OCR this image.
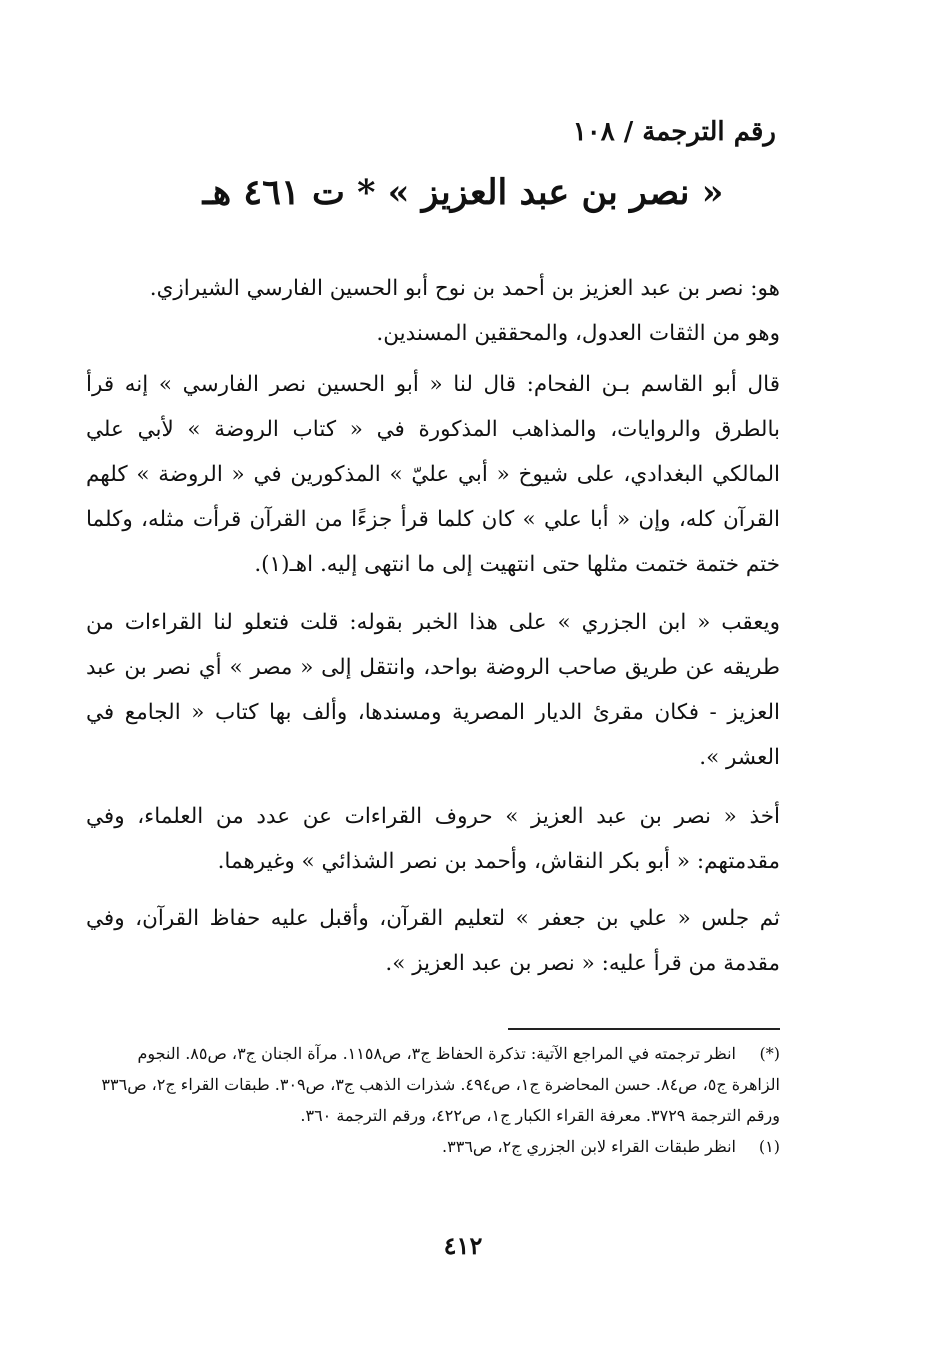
رقم الترجمة / ١٠٨
« نصر بن عبد العزيز » * ت ٤٦١ هـ
هو: نصر بن عبد العزيز بن أحمد بن نوح أبو الحسين الفارسي الشيرازي.
وهو من الثقات العدول، والمحققين المسندين.
قال أبو القاسم بـن الفحام: قال لنا « أبو الحسين نصر الفارسي » إنه قرأ بالطرق والروايات، والمذاهب المذكورة في « كتاب الروضة » لأبي علي المالكي البغدادي، على شيوخ « أبي عليّ » المذكورين في « الروضة » كلهم القرآن كله، وإن « أبا علي » كان كلما قرأ جزءًا من القرآن قرأت مثله، وكلما ختم ختمة ختمت مثلها حتى انتهيت إلى ما انتهى إليه. اهـ(١).
ويعقب « ابن الجزري » على هذا الخبر بقوله: قلت فتعلو لنا القراءات من طريقه عن طريق صاحب الروضة بواحد، وانتقل إلى « مصر » أي نصر بن عبد العزيز - فكان مقرئ الديار المصرية ومسندها، وألف بها كتاب « الجامع في العشر ».
أخذ « نصر بن عبد العزيز » حروف القراءات عن عدد من العلماء، وفي مقدمتهم: « أبو بكر النقاش، وأحمد بن نصر الشذائي » وغيرهما.
ثم جلس « علي بن جعفر » لتعليم القرآن، وأقبل عليه حفاظ القرآن، وفي مقدمة من قرأ عليه: « نصر بن عبد العزيز ».
(*)انظر ترجمته في المراجع الآتية: تذكرة الحفاظ ج٣، ص١١٥٨. مرآة الجنان ج٣، ص٨٥. النجوم الزاهرة ج٥، ص٨٤. حسن المحاضرة ج١، ص٤٩٤. شذرات الذهب ج٣، ص٣٠٩. طبقات القراء ج٢، ص٣٣٦ ورقم الترجمة ٣٧٢٩. معرفة القراء الكبار ج١، ص٤٢٢، ورقم الترجمة ٣٦٠.
(١)انظر طبقات القراء لابن الجزري ج٢، ص٣٣٦.
٤١٢
